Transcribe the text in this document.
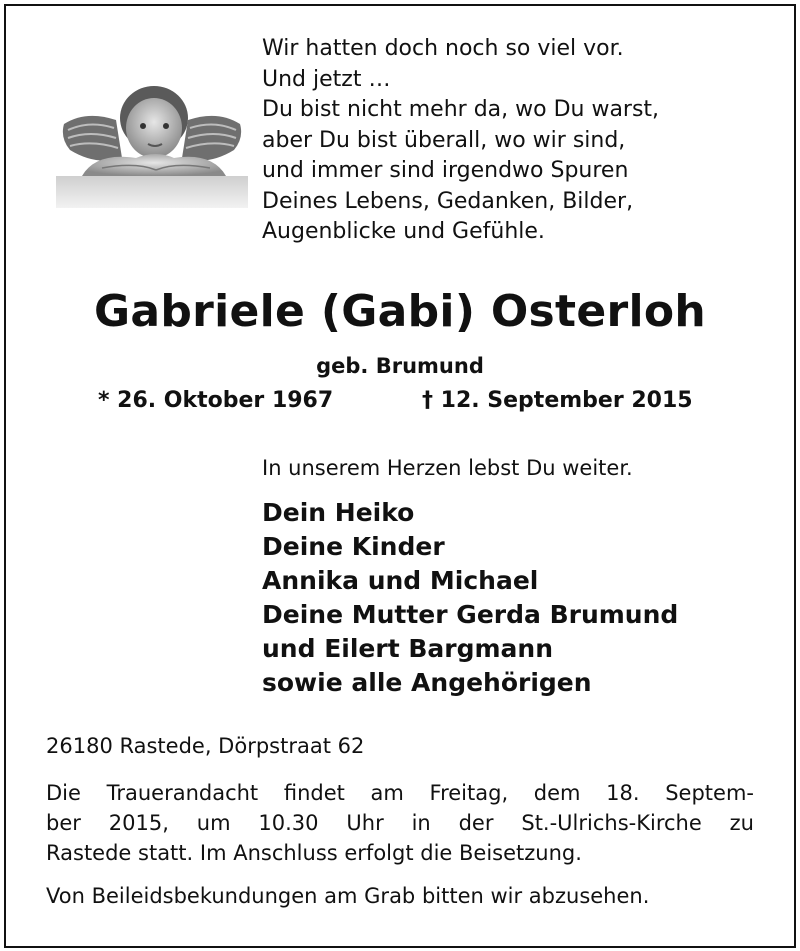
Wir hatten doch noch so viel vor.
Und jetzt …
Du bist nicht mehr da, wo Du warst,
aber Du bist überall, wo wir sind,
und immer sind irgendwo Spuren
Deines Lebens, Gedanken, Bilder,
Augenblicke und Gefühle.
Gabriele (Gabi) Osterloh
geb. Brumund
* 26. Oktober 1967	† 12. September 2015
In unserem Herzen lebst Du weiter.
Dein Heiko
Deine Kinder
Annika und Michael
Deine Mutter Gerda Brumund
und Eilert Bargmann
sowie alle Angehörigen
26180 Rastede, Dörpstraat 62
Die Trauerandacht findet am Freitag, dem 18. Septem-
ber 2015, um 10.30 Uhr in der St.-Ulrichs-Kirche zu
Rastede statt. Im Anschluss erfolgt die Beisetzung.
Von Beileidsbekundungen am Grab bitten wir abzusehen.
